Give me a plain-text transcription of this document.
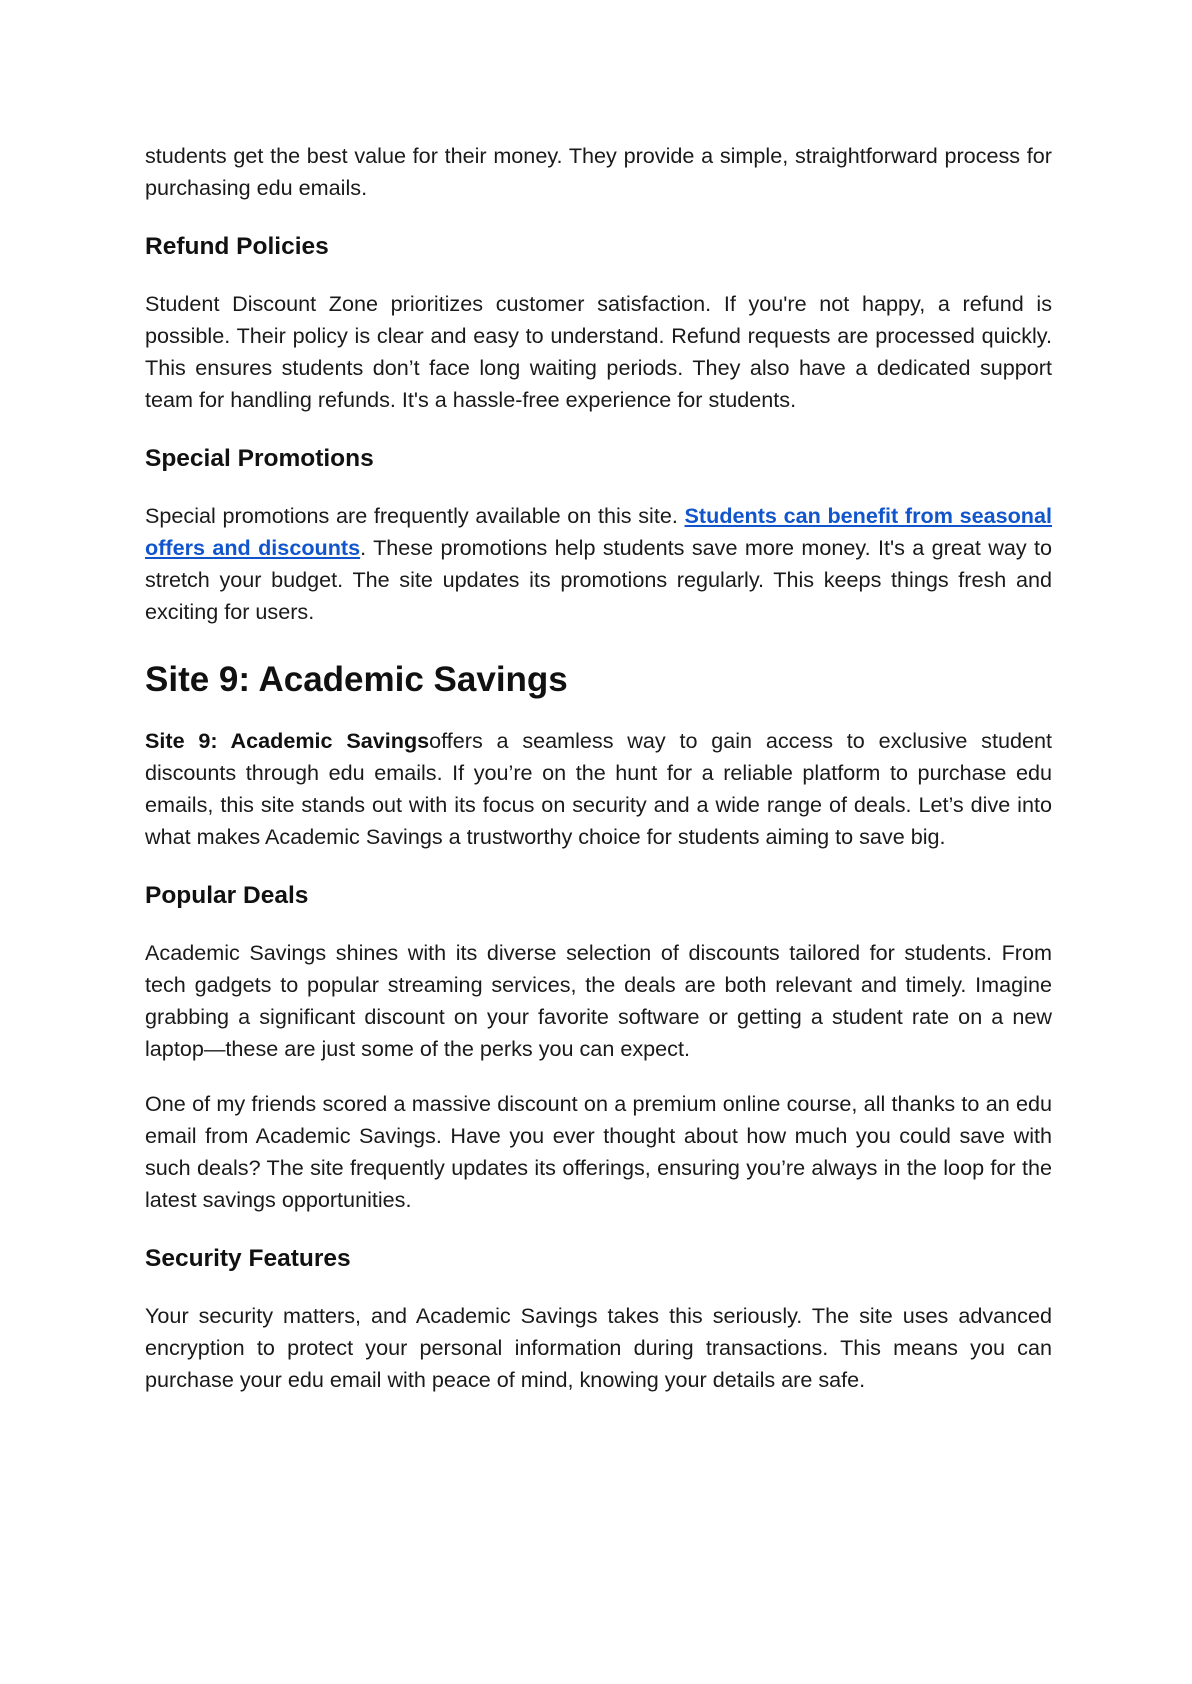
students get the best value for their money. They provide a simple, straightforward process for purchasing edu emails.

Refund Policies

Student Discount Zone prioritizes customer satisfaction. If you're not happy, a refund is possible. Their policy is clear and easy to understand. Refund requests are processed quickly. This ensures students don’t face long waiting periods. They also have a dedicated support team for handling refunds. It's a hassle-free experience for students.

Special Promotions

Special promotions are frequently available on this site. Students can benefit from seasonal offers and discounts. These promotions help students save more money. It's a great way to stretch your budget. The site updates its promotions regularly. This keeps things fresh and exciting for users.

Site 9: Academic Savings

Site 9: Academic Savingsoffers a seamless way to gain access to exclusive student discounts through edu emails. If you’re on the hunt for a reliable platform to purchase edu emails, this site stands out with its focus on security and a wide range of deals. Let’s dive into what makes Academic Savings a trustworthy choice for students aiming to save big.

Popular Deals

Academic Savings shines with its diverse selection of discounts tailored for students. From tech gadgets to popular streaming services, the deals are both relevant and timely. Imagine grabbing a significant discount on your favorite software or getting a student rate on a new laptop—these are just some of the perks you can expect.

One of my friends scored a massive discount on a premium online course, all thanks to an edu email from Academic Savings. Have you ever thought about how much you could save with such deals? The site frequently updates its offerings, ensuring you’re always in the loop for the latest savings opportunities.

Security Features

Your security matters, and Academic Savings takes this seriously. The site uses advanced encryption to protect your personal information during transactions. This means you can purchase your edu email with peace of mind, knowing your details are safe.
